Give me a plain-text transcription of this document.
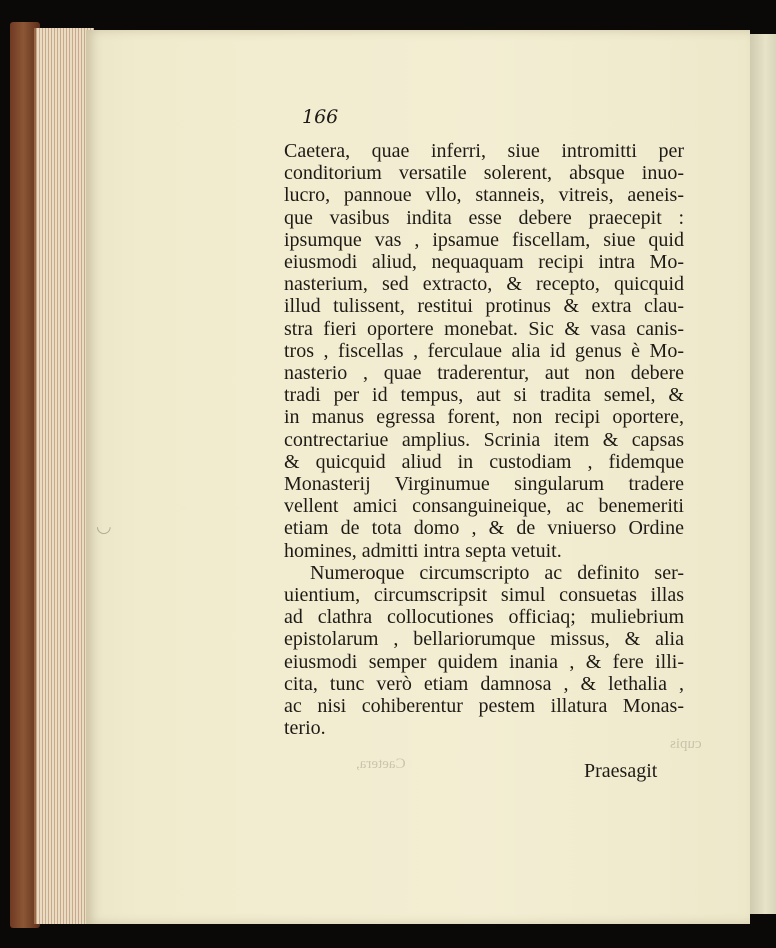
166
Caetera, quae inferri, siue intromitti per
conditorium versatile solerent, absque inuo-
lucro, pannoue vllo, stanneis, vitreis, aeneis-
que vasibus indita esse debere praecepit :
ipsumque vas , ipsamue fiscellam, siue quid
eiusmodi aliud, nequaquam recipi intra Mo-
nasterium, sed extracto, & recepto, quicquid
illud tulissent, restitui protinus & extra clau-
stra fieri oportere monebat. Sic & vasa canis-
tros , fiscellas , ferculaue alia id genus è Mo-
nasterio , quae traderentur, aut non debere
tradi per id tempus, aut si tradita semel, &
in manus egressa forent, non recipi oportere,
contrectariue amplius. Scrinia item & capsas
& quicquid aliud in custodiam , fidemque
Monasterij Virginumue singularum tradere
vellent amici consanguineique, ac benemeriti
etiam de tota domo , & de vniuerso Ordine
homines, admitti intra septa vetuit.
Numeroque circumscripto ac definito ser-
uientium, circumscripsit simul consuetas illas
ad clathra collocutiones officiaq; muliebrium
epistolarum , bellariorumque missus, & alia
eiusmodi semper quidem inania , & fere illi-
cita, tunc verò etiam damnosa , & lethalia ,
ac nisi cohiberentur pestem illatura Monas-
terio.
Praesagit
Caetera,
cupis
◡
